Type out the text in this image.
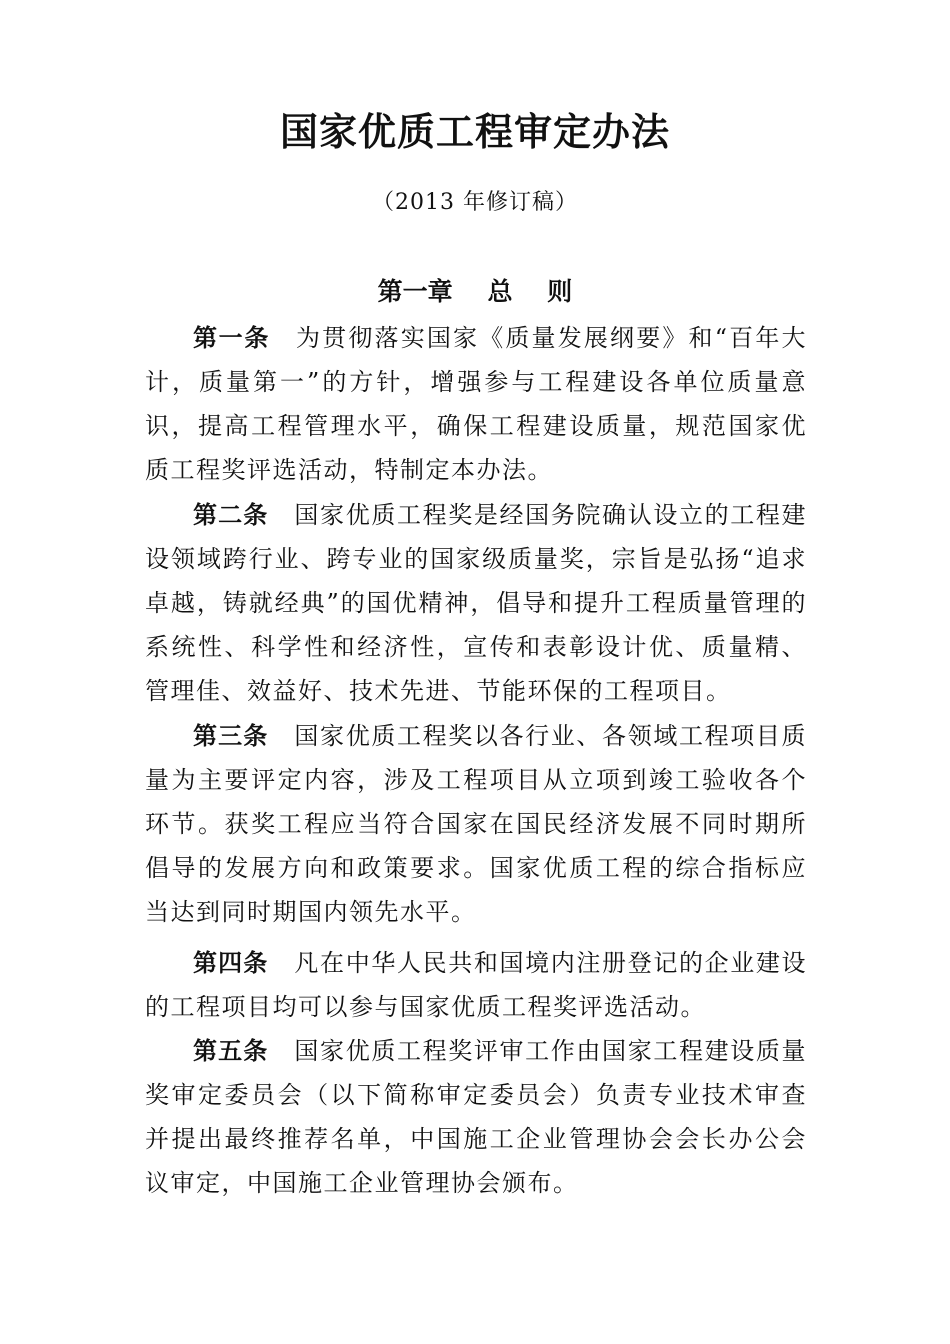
国家优质工程审定办法
（2013 年修订稿）
第一章    总    则

第一条 为贯彻落实国家《质量发展纲要》和“百年大计，质量第一”的方针，增强参与工程建设各单位质量意识，提高工程管理水平，确保工程建设质量，规范国家优质工程奖评选活动，特制定本办法。

第二条 国家优质工程奖是经国务院确认设立的工程建设领域跨行业、跨专业的国家级质量奖，宗旨是弘扬“追求卓越，铸就经典”的国优精神，倡导和提升工程质量管理的系统性、科学性和经济性，宣传和表彰设计优、质量精、管理佳、效益好、技术先进、节能环保的工程项目。

第三条 国家优质工程奖以各行业、各领域工程项目质量为主要评定内容，涉及工程项目从立项到竣工验收各个环节。获奖工程应当符合国家在国民经济发展不同时期所倡导的发展方向和政策要求。国家优质工程的综合指标应当达到同时期国内领先水平。

第四条 凡在中华人民共和国境内注册登记的企业建设的工程项目均可以参与国家优质工程奖评选活动。

第五条 国家优质工程奖评审工作由国家工程建设质量奖审定委员会（以下简称审定委员会）负责专业技术审查并提出最终推荐名单，中国施工企业管理协会会长办公会议审定，中国施工企业管理协会颁布。
